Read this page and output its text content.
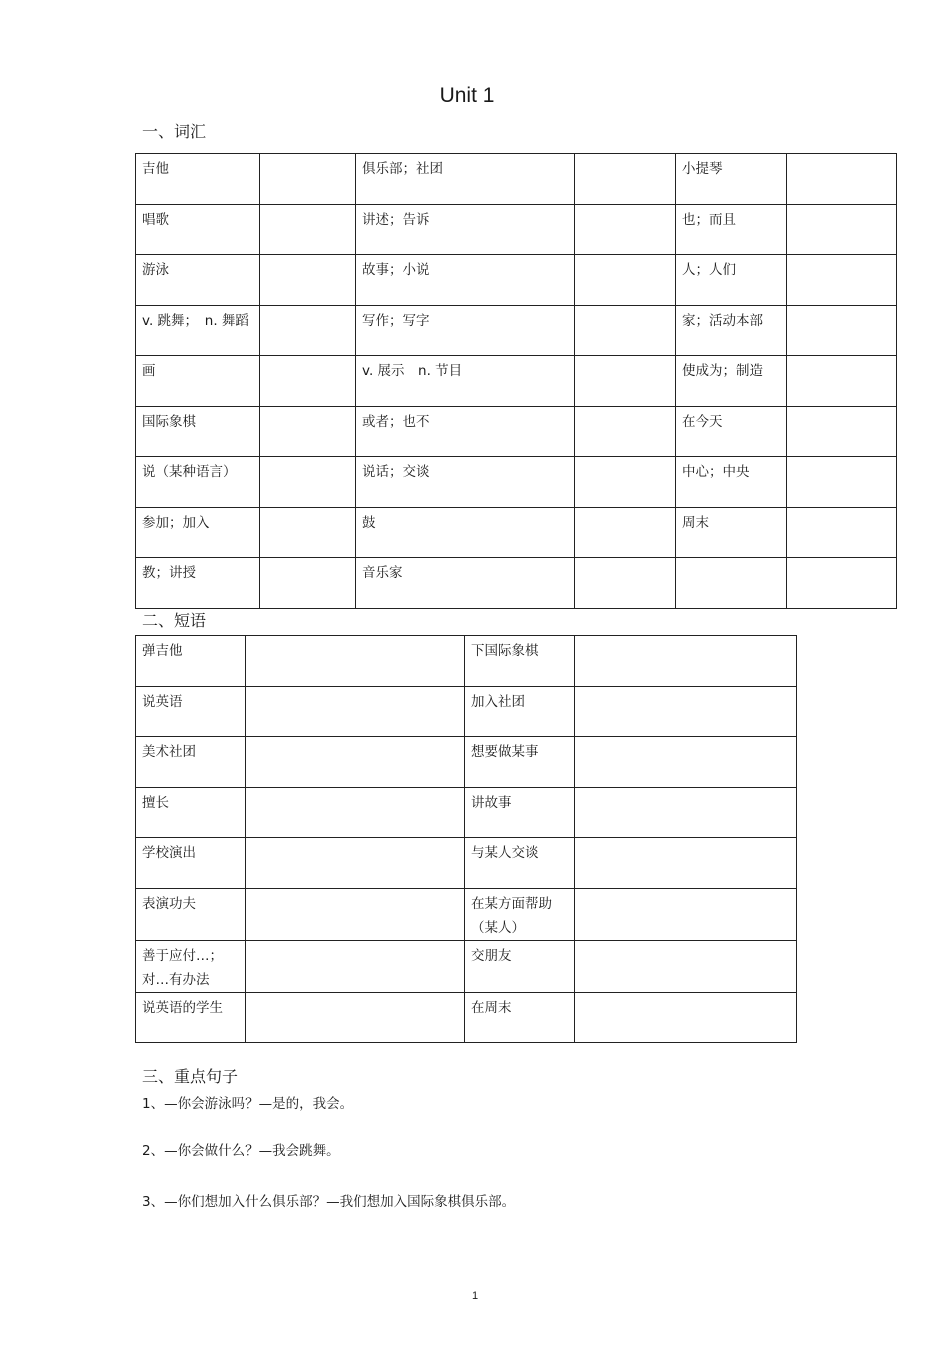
Unit 1
一、词汇
吉他		俱乐部；社团		小提琴	
唱歌		讲述；告诉		也；而且	
游泳		故事；小说		人；人们	
v. 跳舞；　n. 舞蹈		写作；写字		家；活动本部	
画		v. 展示　n. 节目		使成为；制造	
国际象棋		或者；也不		在今天	
说（某种语言）		说话；交谈		中心；中央	
参加；加入		鼓		周末	
教；讲授		音乐家			
二、短语
弹吉他		下国际象棋	
说英语		加入社团	
美术社团		想要做某事	
擅长		讲故事	
学校演出		与某人交谈	
表演功夫		在某方面帮助（某人）	
善于应付…；对…有办法		交朋友	
说英语的学生		在周末	
三、重点句子
1、—你会游泳吗？—是的，我会。
2、—你会做什么？—我会跳舞。
3、—你们想加入什么俱乐部？—我们想加入国际象棋俱乐部。
1
